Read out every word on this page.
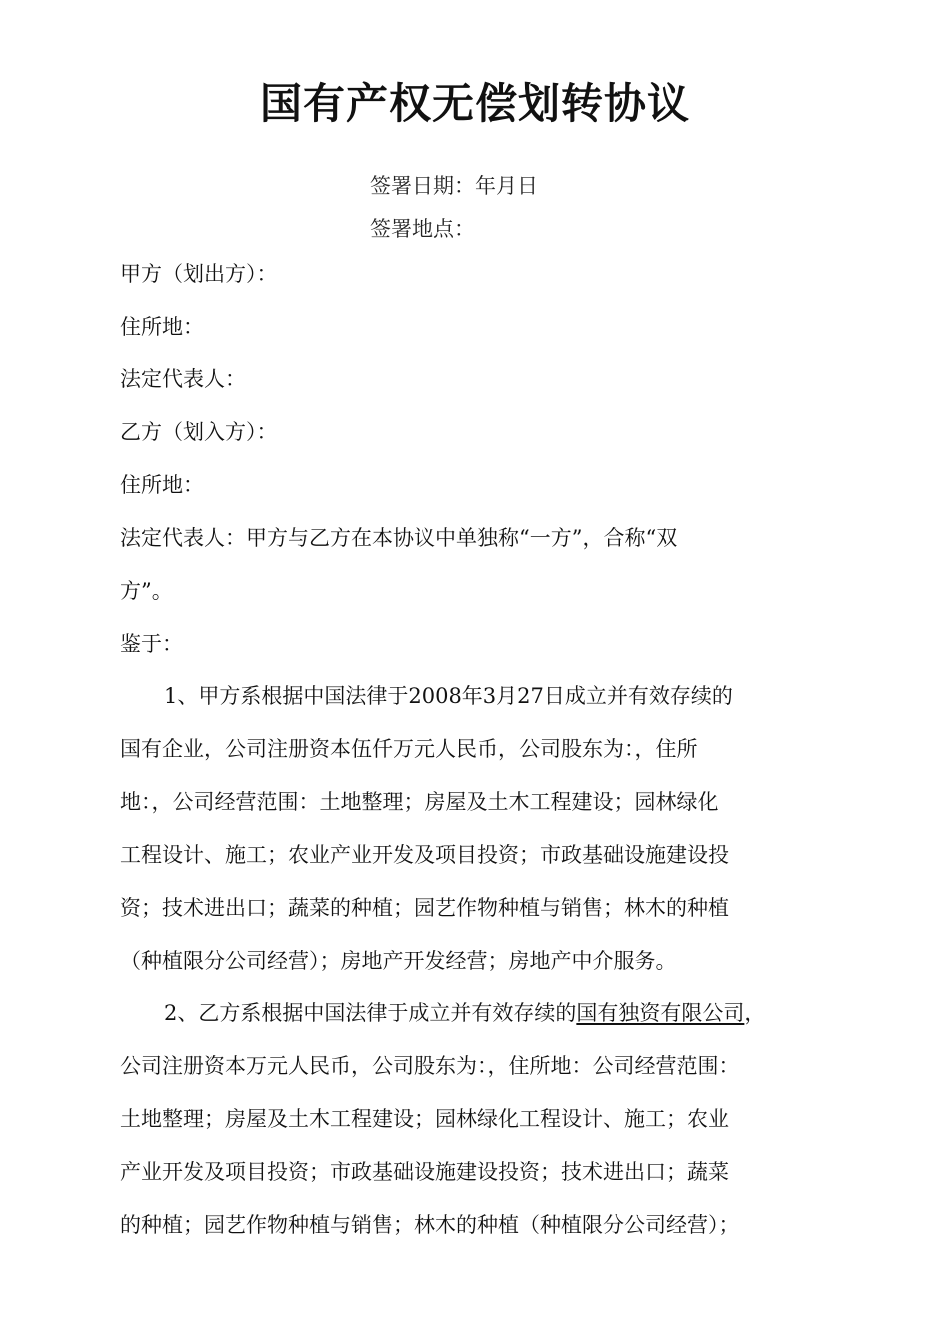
国有产权无偿划转协议
签署日期：年月日
签署地点：
甲方（划出方）：
住所地：
法定代表人：
乙方（划入方）：
住所地：
法定代表人：甲方与乙方在本协议中单独称“一方”，合称“双
方”。
鉴于：
1、甲方系根据中国法律于2008年3月27日成立并有效存续的
国有企业，公司注册资本伍仟万元人民币，公司股东为：，住所
地：，公司经营范围：土地整理；房屋及土木工程建设；园林绿化
工程设计、施工；农业产业开发及项目投资；市政基础设施建设投
资；技术进出口；蔬菜的种植；园艺作物种植与销售；林木的种植
（种植限分公司经营）；房地产开发经营；房地产中介服务。
2、乙方系根据中国法律于成立并有效存续的国有独资有限公司，
公司注册资本万元人民币，公司股东为：，住所地：公司经营范围：
土地整理；房屋及土木工程建设；园林绿化工程设计、施工；农业
产业开发及项目投资；市政基础设施建设投资；技术进出口；蔬菜
的种植；园艺作物种植与销售；林木的种植（种植限分公司经营）；
